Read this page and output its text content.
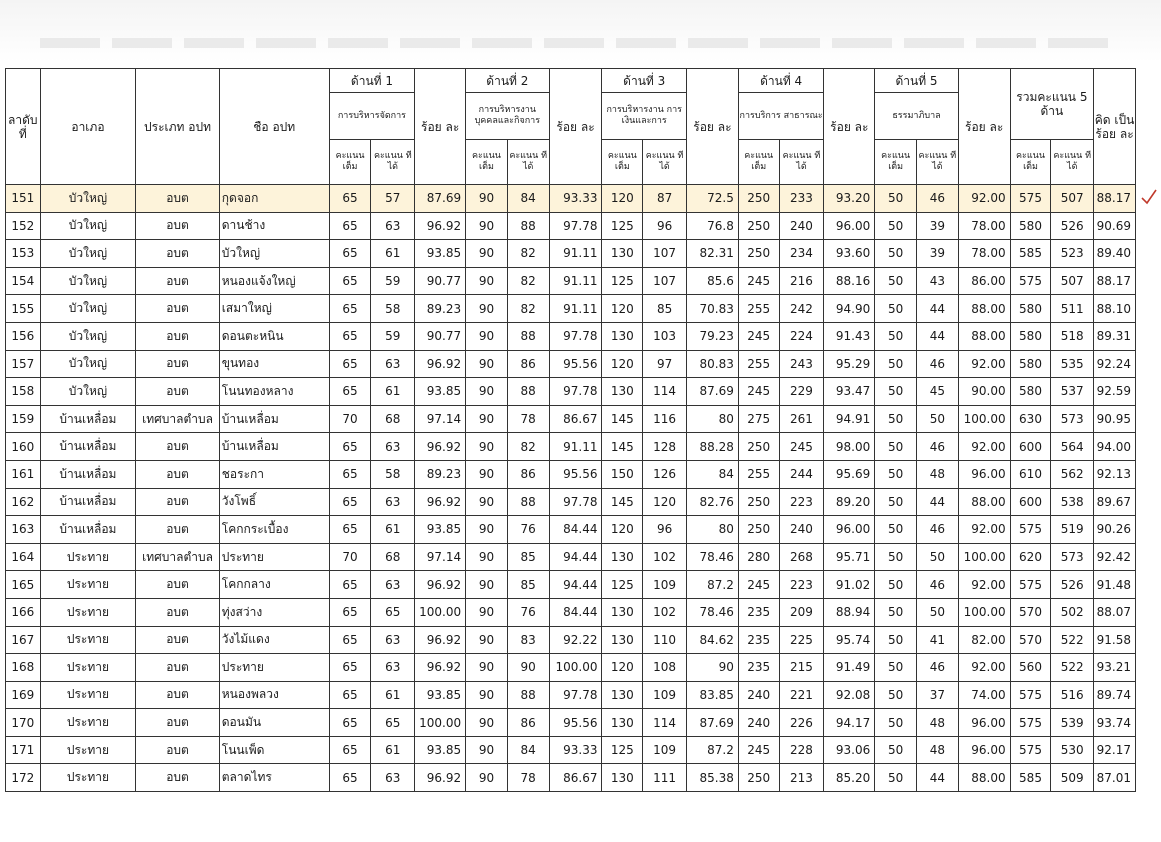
ลาดับ ที่	อาเภอ	ประเภท อปท	ชือ อปท	ด้านที่ 1		ร้อย ละ	ด้านที่ 2		ร้อย ละ	ด้านที่ 3		ร้อย ละ	ด้านที่ 4		ร้อย ละ	ด้านที่ 5		ร้อย ละ	รวมคะแนน 5 ด้าน		คิด เป็น ร้อย ละ
				การบริหารจัดการ			การบริหารงาน บุคคลและกิจการ			การบริหารงาน การเงินและการ			การบริการ สาธารณะ			ธรรมาภิบาล					
				คะแนน เต็ม	คะแนน ทีได้		คะแนน เต็ม	คะแนน ทีได้		คะแนน เต็ม	คะแนน ทีได้		คะแนน เต็ม	คะแนน ทีได้		คะแนน เต็ม	คะแนน ทีได้		คะแนน เต็ม	คะแนน ทีได้	
151	บัวใหญ่	อบต	กุดจอก	65	57	87.69	90	84	93.33	120	87	72.5	250	233	93.20	50	46	92.00	575	507	88.17
152	บัวใหญ่	อบต	ดานช้าง	65	63	96.92	90	88	97.78	125	96	76.8	250	240	96.00	50	39	78.00	580	526	90.69
153	บัวใหญ่	อบต	บัวใหญ่	65	61	93.85	90	82	91.11	130	107	82.31	250	234	93.60	50	39	78.00	585	523	89.40
154	บัวใหญ่	อบต	หนองแจ้งใหญ่	65	59	90.77	90	82	91.11	125	107	85.6	245	216	88.16	50	43	86.00	575	507	88.17
155	บัวใหญ่	อบต	เสมาใหญ่	65	58	89.23	90	82	91.11	120	85	70.83	255	242	94.90	50	44	88.00	580	511	88.10
156	บัวใหญ่	อบต	ดอนตะหนิน	65	59	90.77	90	88	97.78	130	103	79.23	245	224	91.43	50	44	88.00	580	518	89.31
157	บัวใหญ่	อบต	ขุนทอง	65	63	96.92	90	86	95.56	120	97	80.83	255	243	95.29	50	46	92.00	580	535	92.24
158	บัวใหญ่	อบต	โนนทองหลาง	65	61	93.85	90	88	97.78	130	114	87.69	245	229	93.47	50	45	90.00	580	537	92.59
159	บ้านเหลื่อม	เทศบาลตำบล	บ้านเหลื่อม	70	68	97.14	90	78	86.67	145	116	80	275	261	94.91	50	50	100.00	630	573	90.95
160	บ้านเหลื่อม	อบต	บ้านเหลื่อม	65	63	96.92	90	82	91.11	145	128	88.28	250	245	98.00	50	46	92.00	600	564	94.00
161	บ้านเหลื่อม	อบต	ชอระกา	65	58	89.23	90	86	95.56	150	126	84	255	244	95.69	50	48	96.00	610	562	92.13
162	บ้านเหลื่อม	อบต	วังโพธิ์	65	63	96.92	90	88	97.78	145	120	82.76	250	223	89.20	50	44	88.00	600	538	89.67
163	บ้านเหลื่อม	อบต	โคกกระเบื้อง	65	61	93.85	90	76	84.44	120	96	80	250	240	96.00	50	46	92.00	575	519	90.26
164	ประทาย	เทศบาลตำบล	ประทาย	70	68	97.14	90	85	94.44	130	102	78.46	280	268	95.71	50	50	100.00	620	573	92.42
165	ประทาย	อบต	โคกกลาง	65	63	96.92	90	85	94.44	125	109	87.2	245	223	91.02	50	46	92.00	575	526	91.48
166	ประทาย	อบต	ทุ่งสว่าง	65	65	100.00	90	76	84.44	130	102	78.46	235	209	88.94	50	50	100.00	570	502	88.07
167	ประทาย	อบต	วังไม้แดง	65	63	96.92	90	83	92.22	130	110	84.62	235	225	95.74	50	41	82.00	570	522	91.58
168	ประทาย	อบต	ประทาย	65	63	96.92	90	90	100.00	120	108	90	235	215	91.49	50	46	92.00	560	522	93.21
169	ประทาย	อบต	หนองพลวง	65	61	93.85	90	88	97.78	130	109	83.85	240	221	92.08	50	37	74.00	575	516	89.74
170	ประทาย	อบต	ดอนมัน	65	65	100.00	90	86	95.56	130	114	87.69	240	226	94.17	50	48	96.00	575	539	93.74
171	ประทาย	อบต	โนนเพ็ด	65	61	93.85	90	84	93.33	125	109	87.2	245	228	93.06	50	48	96.00	575	530	92.17
172	ประทาย	อบต	ตลาดไทร	65	63	96.92	90	78	86.67	130	111	85.38	250	213	85.20	50	44	88.00	585	509	87.01
